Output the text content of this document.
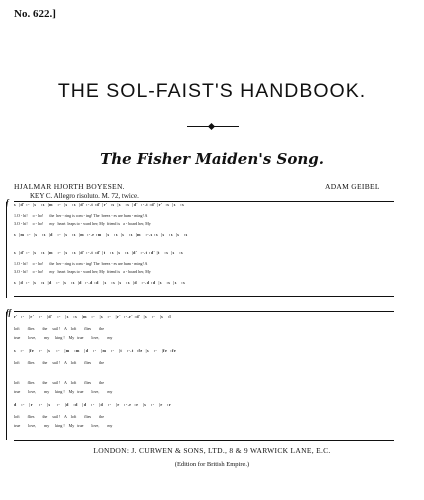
No. 622.]
THE SOL-FAIST'S HANDBOOK.
The Fisher Maiden's Song.
HJALMAR HJORTH BOYESEN.	ADAM GEIBEL
KEY C. Allegro risoluto. M. 72, twice.
f s  |d' :-  |s   :s  |m   :-  |s   :s  |d' :-.t :d' |r'  :s  |s   :s  |d'  :-.t :d' |r'  :s  |s   :s
1.O - hi!     o - ho!      the  her - ring is com - ing! The  breez - es are hum - ming! A
3.O - hi!     o - ho!      my   heart  leaps to - ward her; My  friend is   a - board her, My
s  |m  :-  |s   :s  |d   :-  |s   :s  |m  :-.r :m   |s   :s  |s   :s  |m   :-.s :s  |s   :s  |s   :s
s  |d' :-  |s   :s  |m   :-  |s   :s  |d' :-.t :d' |t   :s  |s   :s  |d'  :-.t :d' |t   :s  |s   :s
1.O - hi!     o - ho!      the  her - ring is com - ing! The  breez - es are hum - ming! A
3.O - hi!     o - ho!      my   heart  leaps to - ward her; My  friend is   a - board her, My
s  |d  :-  |s   :s  |d   :-  |s   :s  |d  :-.d :d   |s   :s  |s   :s  |d   :-.d :d  |s   :s  |s   :s
ff r'  :-   |r'   :-   |d'   :-   |s   :s   |m   :-   |s   :-   |r'  :-.r' :d'  |s   :-   |s   :l
loft        flies        the     sail !    A    loft        flies        the
true        love,        my      king !    My   true        love,        my
s   :-   |fe   :-   |s    :-   |m   :m   |d   :-   |m   :-   |t   :-.t  :fe  |s   :-   |fe  :fe
loft        flies        the     sail !    A    loft        flies        the
loft        flies        the     sail !    A    loft        flies        the
true        love,        my      king !    My   true        love,        my
d   :-   |r    :-   |s    :-   |d   :d   |d   :-   |d   :-   |r   :-.r  :r   |s   :-   |r   :r
loft        flies        the     sail !    A    loft        flies        the
true        love,        my      king !    My   true        love,        my
LONDON: J. CURWEN & SONS, LTD., 8 & 9 WARWICK LANE, E.C.
(Edition for British Empire.)
